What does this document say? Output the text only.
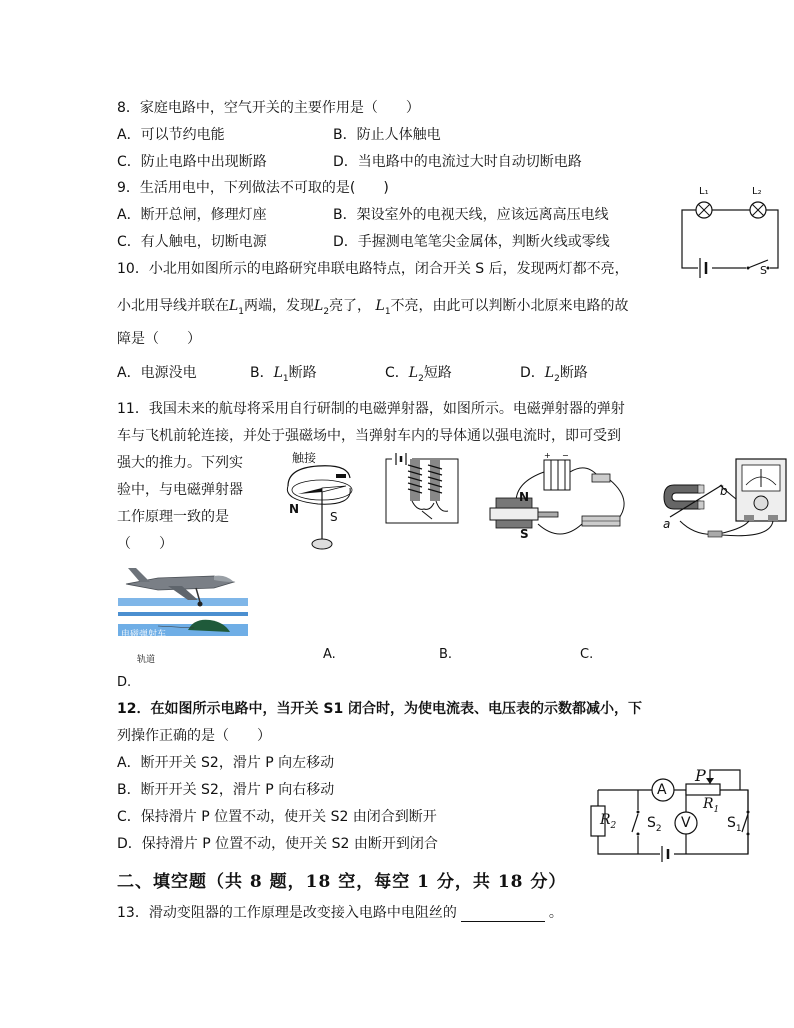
8．家庭电路中，空气开关的主要作用是（　　）
A．可以节约电能	B．防止人体触电
C．防止电路中出现断路	D．当电路中的电流过大时自动切断电路
9．生活用电中，下列做法不可取的是(　　)
A．断开总闸，修理灯座	B．架设室外的电视天线，应该远离高压电线
C．有人触电，切断电源	D．手握测电笔笔尖金属体，判断火线或零线
L₁	L₂
S
10．小北用如图所示的电路研究串联电路特点，闭合开关 S 后，发现两灯都不亮，
小北用导线并联在$L_1$两端，发现$L_2$亮了， $L_1$不亮，由此可以判断小北原来电路的故
障是（　　）
A．电源没电	B．$L_1$断路	C．$L_2$短路	D．$L_2$断路
11．我国未来的航母将采用自行研制的电磁弹射器，如图所示。电磁弹射器的弹射
车与飞机前轮连接，并处于强磁场中，当弹射车内的导体通以强电流时，即可受到
强大的推力。下列实
验中，与电磁弹射器
工作原理一致的是
（　　）
触接
N
S
+ −
N
S
a
b
电磁弹射车
轨道	A.	B.	C.
D.
12．在如图所示电路中，当开关 S1 闭合时，为使电流表、电压表的示数都减小，下
列操作正确的是（　　）
A．断开开关 S2，滑片 P 向左移动
B．断开开关 S2，滑片 P 向右移动
C．保持滑片 P 位置不动，使开关 S2 由闭合到断开
D．保持滑片 P 位置不动，使开关 S2 由断开到闭合
A
V
P
$R_1$
$R_2$ $S_2$	$S_1$
二、填空题（共 8 题，18 空，每空 1 分，共 18 分）
13．滑动变阻器的工作原理是改变接入电路中电阻丝的	。
